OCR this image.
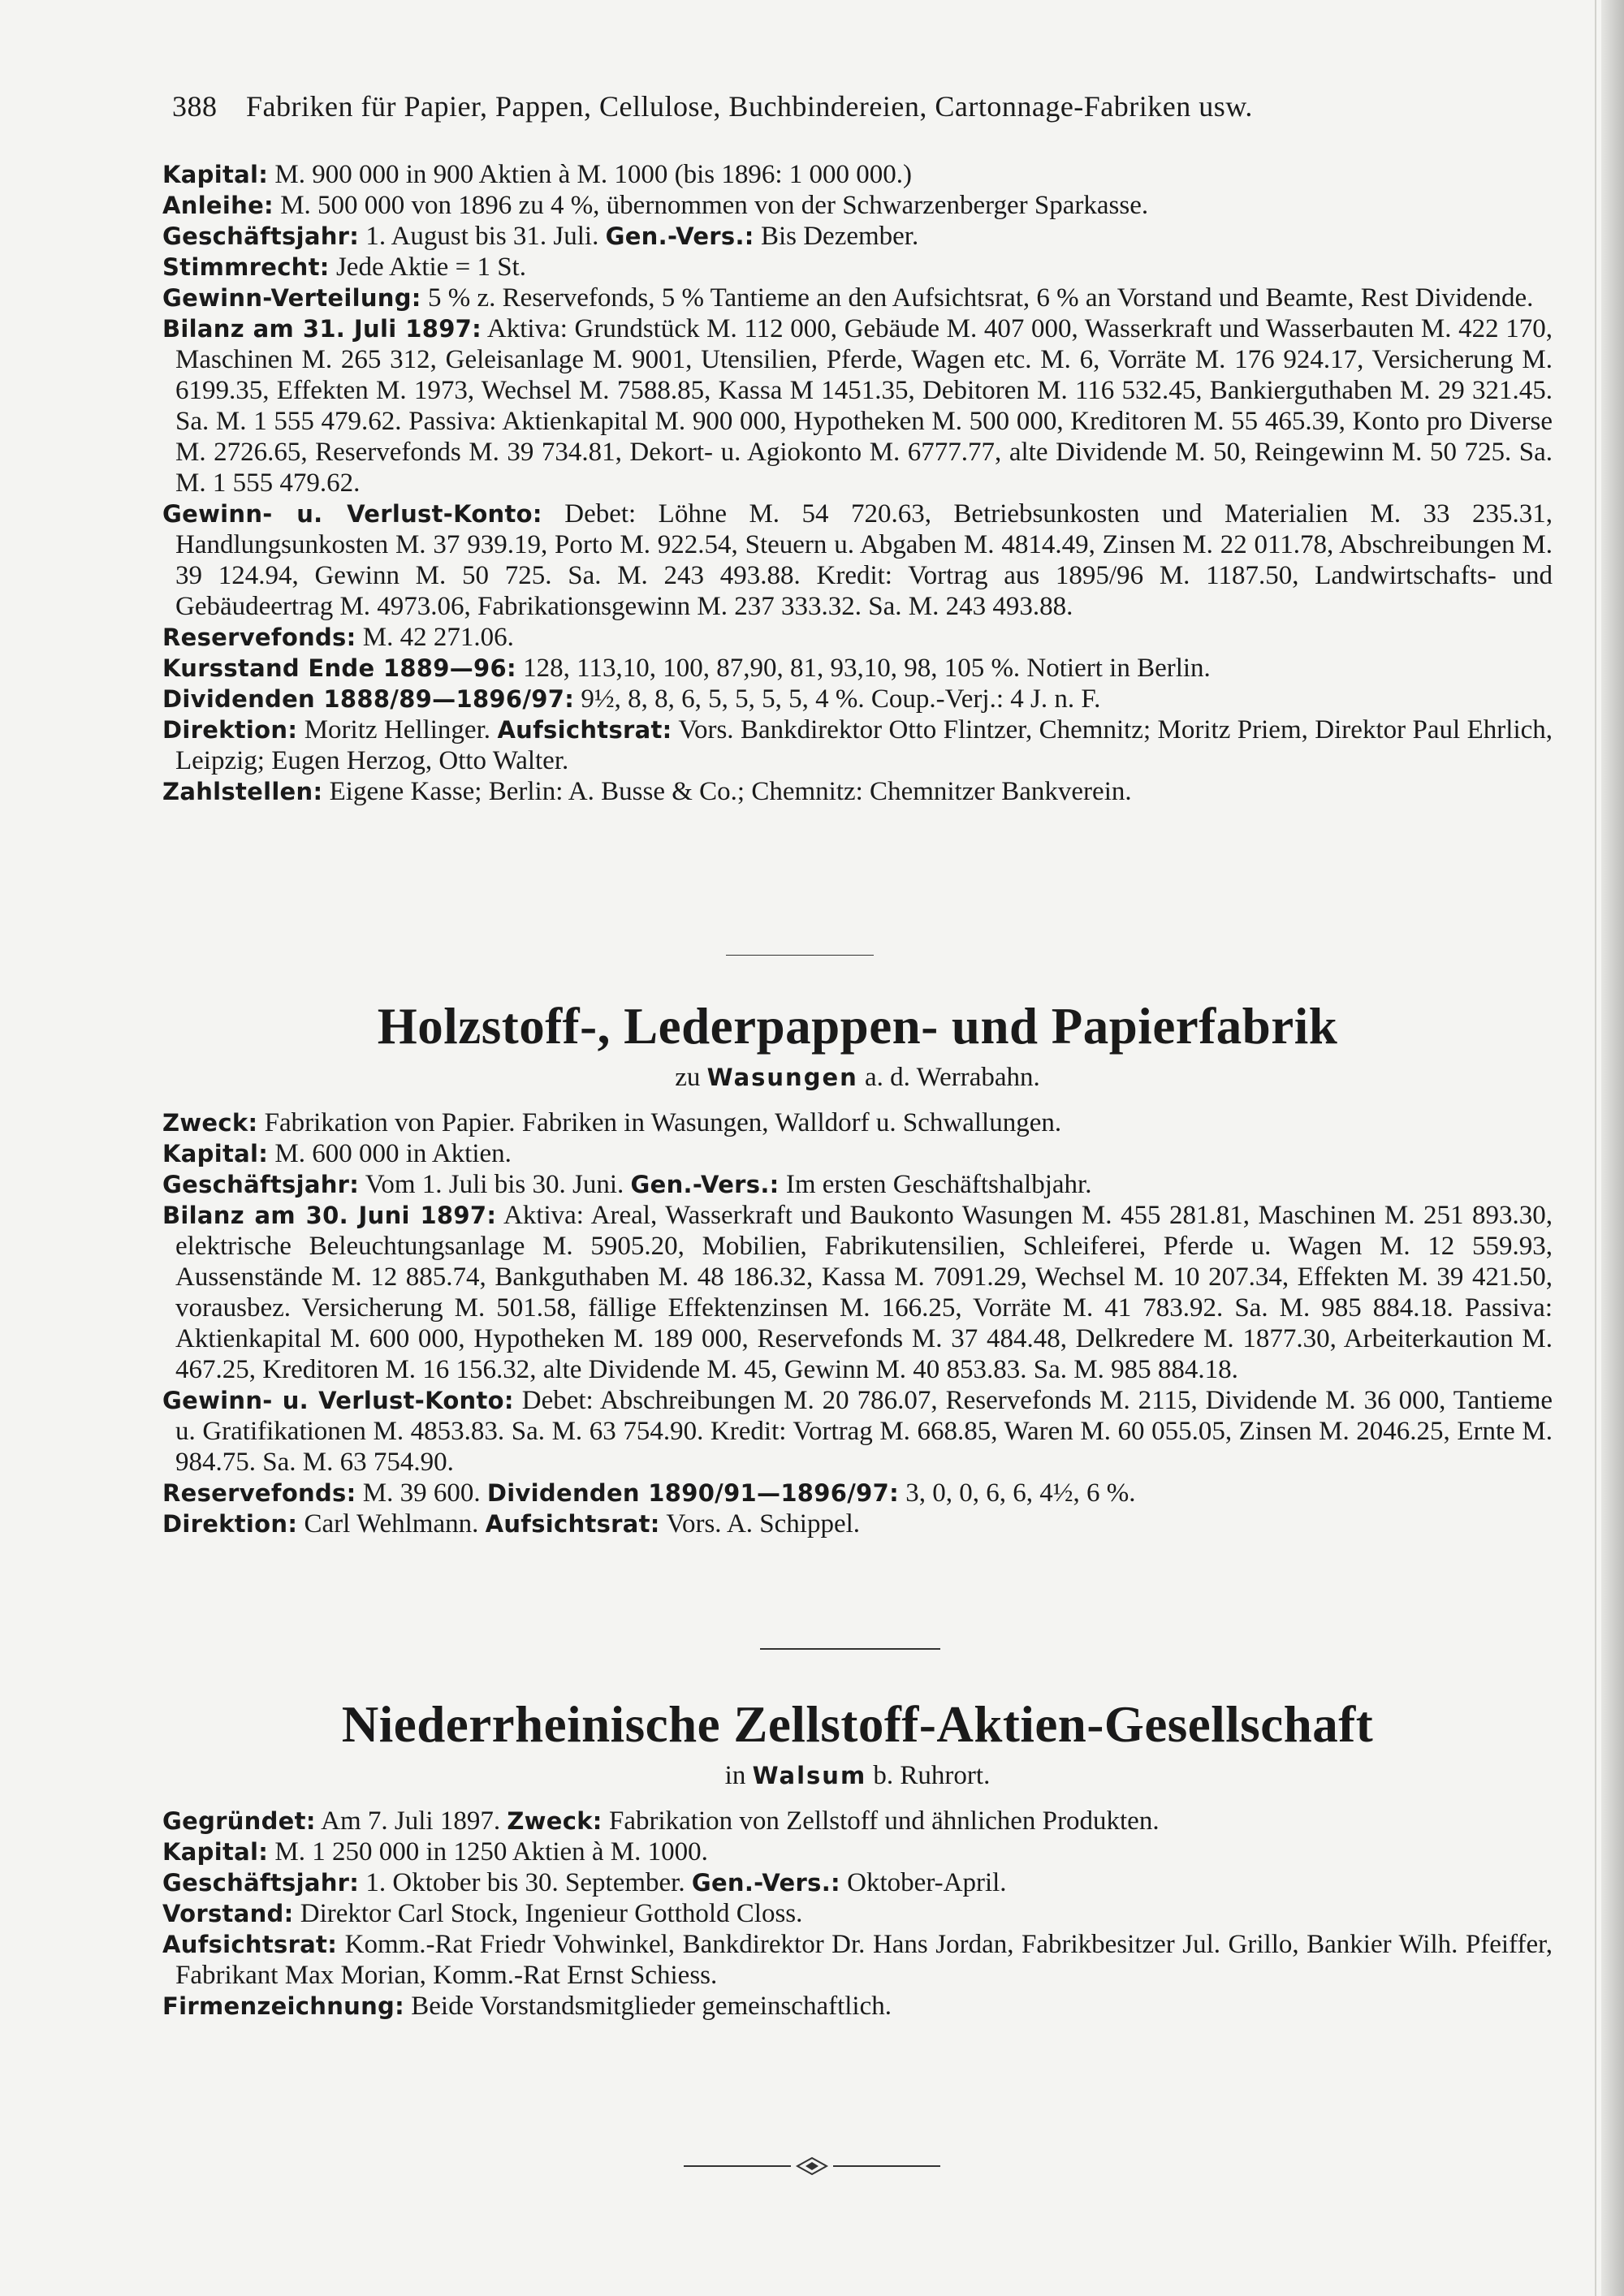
388 Fabriken für Papier, Pappen, Cellulose, Buchbindereien, Cartonnage-Fabriken usw.

Kapital: M. 900 000 in 900 Aktien à M. 1000 (bis 1896: 1 000 000.)

Anleihe: M. 500 000 von 1896 zu 4 %, übernommen von der Schwarzenberger Sparkasse.

Geschäftsjahr: 1. August bis 31. Juli. Gen.-Vers.: Bis Dezember.

Stimmrecht: Jede Aktie = 1 St.

Gewinn-Verteilung: 5 % z. Reservefonds, 5 % Tantieme an den Aufsichtsrat, 6 % an Vorstand und Beamte, Rest Dividende.

Bilanz am 31. Juli 1897: Aktiva: Grundstück M. 112 000, Gebäude M. 407 000, Wasserkraft und Wasserbauten M. 422 170, Maschinen M. 265 312, Geleisanlage M. 9001, Utensilien, Pferde, Wagen etc. M. 6, Vorräte M. 176 924.17, Versicherung M. 6199.35, Effekten M. 1973, Wechsel M. 7588.85, Kassa M 1451.35, Debitoren M. 116 532.45, Bankierguthaben M. 29 321.45. Sa. M. 1 555 479.62. Passiva: Aktienkapital M. 900 000, Hypotheken M. 500 000, Kreditoren M. 55 465.39, Konto pro Diverse M. 2726.65, Reservefonds M. 39 734.81, Dekort- u. Agiokonto M. 6777.77, alte Dividende M. 50, Reingewinn M. 50 725. Sa. M. 1 555 479.62.

Gewinn- u. Verlust-Konto: Debet: Löhne M. 54 720.63, Betriebsunkosten und Materialien M. 33 235.31, Handlungsunkosten M. 37 939.19, Porto M. 922.54, Steuern u. Abgaben M. 4814.49, Zinsen M. 22 011.78, Abschreibungen M. 39 124.94, Gewinn M. 50 725. Sa. M. 243 493.88. Kredit: Vortrag aus 1895/96 M. 1187.50, Landwirtschafts- und Gebäudeertrag M. 4973.06, Fabrikationsgewinn M. 237 333.32. Sa. M. 243 493.88.

Reservefonds: M. 42 271.06.

Kursstand Ende 1889—96: 128, 113,10, 100, 87,90, 81, 93,10, 98, 105 %. Notiert in Berlin.

Dividenden 1888/89—1896/97: 9½, 8, 8, 6, 5, 5, 5, 5, 4 %. Coup.-Verj.: 4 J. n. F.

Direktion: Moritz Hellinger. Aufsichtsrat: Vors. Bankdirektor Otto Flintzer, Chemnitz; Moritz Priem, Direktor Paul Ehrlich, Leipzig; Eugen Herzog, Otto Walter.

Zahlstellen: Eigene Kasse; Berlin: A. Busse & Co.; Chemnitz: Chemnitzer Bankverein.

Holzstoff-, Lederpappen- und Papierfabrik
zu Wasungen a. d. Werrabahn.

Zweck: Fabrikation von Papier. Fabriken in Wasungen, Walldorf u. Schwallungen.

Kapital: M. 600 000 in Aktien.

Geschäftsjahr: Vom 1. Juli bis 30. Juni. Gen.-Vers.: Im ersten Geschäftshalbjahr.

Bilanz am 30. Juni 1897: Aktiva: Areal, Wasserkraft und Baukonto Wasungen M. 455 281.81, Maschinen M. 251 893.30, elektrische Beleuchtungsanlage M. 5905.20, Mobilien, Fabrikutensilien, Schleiferei, Pferde u. Wagen M. 12 559.93, Aussenstände M. 12 885.74, Bankguthaben M. 48 186.32, Kassa M. 7091.29, Wechsel M. 10 207.34, Effekten M. 39 421.50, vorausbez. Versicherung M. 501.58, fällige Effektenzinsen M. 166.25, Vorräte M. 41 783.92. Sa. M. 985 884.18. Passiva: Aktienkapital M. 600 000, Hypotheken M. 189 000, Reservefonds M. 37 484.48, Delkredere M. 1877.30, Arbeiterkaution M. 467.25, Kreditoren M. 16 156.32, alte Dividende M. 45, Gewinn M. 40 853.83. Sa. M. 985 884.18.

Gewinn- u. Verlust-Konto: Debet: Abschreibungen M. 20 786.07, Reservefonds M. 2115, Dividende M. 36 000, Tantieme u. Gratifikationen M. 4853.83. Sa. M. 63 754.90. Kredit: Vortrag M. 668.85, Waren M. 60 055.05, Zinsen M. 2046.25, Ernte M. 984.75. Sa. M. 63 754.90.

Reservefonds: M. 39 600. Dividenden 1890/91—1896/97: 3, 0, 0, 6, 6, 4½, 6 %.

Direktion: Carl Wehlmann. Aufsichtsrat: Vors. A. Schippel.

Niederrheinische Zellstoff-Aktien-Gesellschaft
in Walsum b. Ruhrort.

Gegründet: Am 7. Juli 1897. Zweck: Fabrikation von Zellstoff und ähnlichen Produkten.

Kapital: M. 1 250 000 in 1250 Aktien à M. 1000.

Geschäftsjahr: 1. Oktober bis 30. September. Gen.-Vers.: Oktober-April.

Vorstand: Direktor Carl Stock, Ingenieur Gotthold Closs.

Aufsichtsrat: Komm.-Rat Friedr Vohwinkel, Bankdirektor Dr. Hans Jordan, Fabrikbesitzer Jul. Grillo, Bankier Wilh. Pfeiffer, Fabrikant Max Morian, Komm.-Rat Ernst Schiess.

Firmenzeichnung: Beide Vorstandsmitglieder gemeinschaftlich.
